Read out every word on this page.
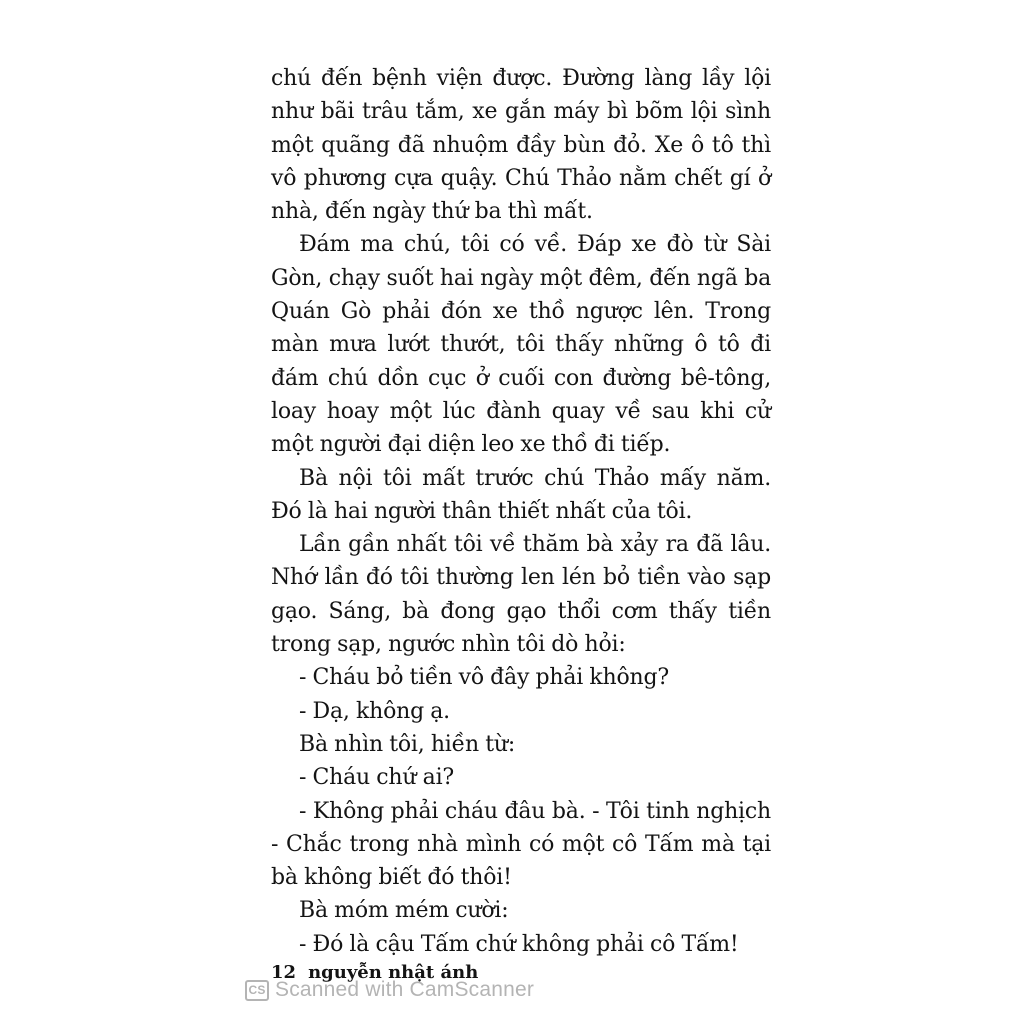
chú đến bệnh viện được. Đường làng lầy lội như bãi trâu tắm, xe gắn máy bì bõm lội sình một quãng đã nhuộm đầy bùn đỏ. Xe ô tô thì vô phương cựa quậy. Chú Thảo nằm chết gí ở nhà, đến ngày thứ ba thì mất.

Đám ma chú, tôi có về. Đáp xe đò từ Sài Gòn, chạy suốt hai ngày một đêm, đến ngã ba Quán Gò phải đón xe thồ ngược lên. Trong màn mưa lướt thướt, tôi thấy những ô tô đi đám chú dồn cục ở cuối con đường bê-tông, loay hoay một lúc đành quay về sau khi cử một người đại diện leo xe thồ đi tiếp.

Bà nội tôi mất trước chú Thảo mấy năm. Đó là hai người thân thiết nhất của tôi.

Lần gần nhất tôi về thăm bà xảy ra đã lâu. Nhớ lần đó tôi thường len lén bỏ tiền vào sạp gạo. Sáng, bà đong gạo thổi cơm thấy tiền trong sạp, ngước nhìn tôi dò hỏi:

- Cháu bỏ tiền vô đây phải không?

- Dạ, không ạ.

Bà nhìn tôi, hiền từ:

- Cháu chứ ai?

- Không phải cháu đâu bà. - Tôi tinh nghịch - Chắc trong nhà mình có một cô Tấm mà tại bà không biết đó thôi!

Bà móm mém cười:

- Đó là cậu Tấm chứ không phải cô Tấm!

12 nguyễn nhật ánh
CS Scanned with CamScanner
